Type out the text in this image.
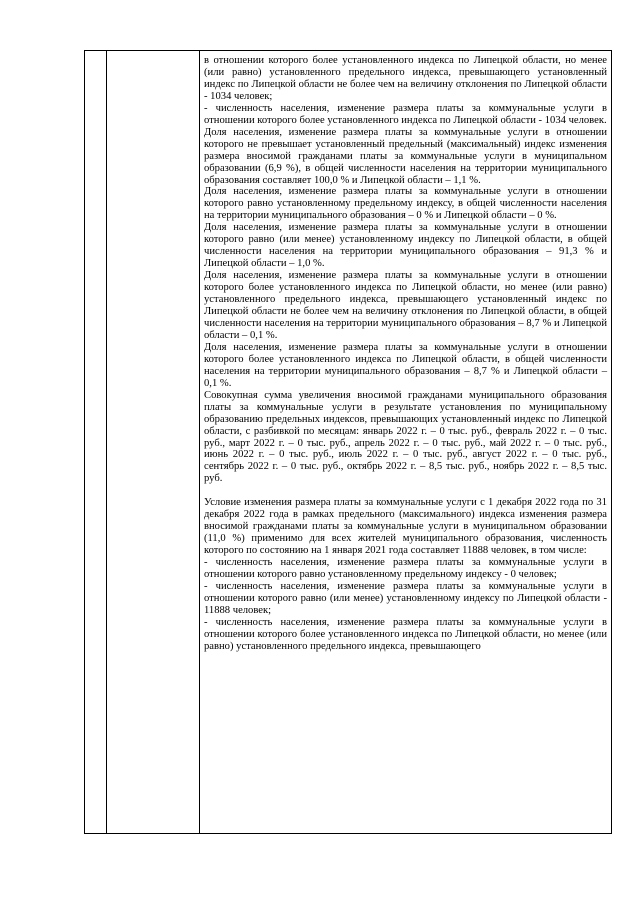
в отношении которого более установленного индекса по Липецкой области, но менее (или равно) установленного предельного индекса, превышающего установленный индекс по Липецкой области не более чем на величину отклонения по Липецкой области - 1034 человек;

- численность населения, изменение размера платы за коммунальные услуги в отношении которого более установленного индекса по Липецкой области - 1034 человек.

Доля населения, изменение размера платы за коммунальные услуги в отношении которого не превышает установленный предельный (максимальный) индекс изменения размера вносимой гражданами платы за коммунальные услуги в муниципальном образовании (6,9 %), в общей численности населения на территории муниципального образования составляет 100,0 % и Липецкой области – 1,1 %.

Доля населения, изменение размера платы за коммунальные услуги в отношении которого равно установленному предельному индексу, в общей численности населения на территории муниципального образования – 0 % и Липецкой области – 0 %.

Доля населения, изменение размера платы за коммунальные услуги в отношении которого равно (или менее) установленному индексу по Липецкой области, в общей численности населения на территории муниципального образования – 91,3 % и Липецкой области – 1,0 %.

Доля населения, изменение размера платы за коммунальные услуги в отношении которого более установленного индекса по Липецкой области, но менее (или равно) установленного предельного индекса, превышающего установленный индекс по Липецкой области не более чем на величину отклонения по Липецкой области, в общей численности населения на территории муниципального образования – 8,7 % и Липецкой области – 0,1 %.

Доля населения, изменение размера платы за коммунальные услуги в отношении которого более установленного индекса по Липецкой области, в общей численности населения на территории муниципального образования – 8,7 % и Липецкой области – 0,1 %.

Совокупная сумма увеличения вносимой гражданами муниципального образования платы за коммунальные услуги в результате установления по муниципальному образованию предельных индексов, превышающих установленный индекс по Липецкой области, с разбивкой по месяцам: январь 2022 г. – 0 тыс. руб., февраль 2022 г. – 0 тыс. руб., март 2022 г. – 0 тыс. руб., апрель 2022 г. – 0 тыс. руб., май 2022 г. – 0 тыс. руб., июнь 2022 г. – 0 тыс. руб., июль 2022 г. – 0 тыс. руб., август 2022 г. – 0 тыс. руб., сентябрь 2022 г. – 0 тыс. руб., октябрь 2022 г. – 8,5 тыс. руб., ноябрь 2022 г. – 8,5 тыс. руб.

Условие изменения размера платы за коммунальные услуги с 1 декабря 2022 года по 31 декабря 2022 года в рамках предельного (максимального) индекса изменения размера вносимой гражданами платы за коммунальные услуги в муниципальном образовании (11,0 %) применимо для всех жителей муниципального образования, численность которого по состоянию на 1 января 2021 года составляет 11888 человек, в том числе:

- численность населения, изменение размера платы за коммунальные услуги в отношении которого равно установленному предельному индексу - 0 человек;

- численность населения, изменение размера платы за коммунальные услуги в отношении которого равно (или менее) установленному индексу по Липецкой области - 11888 человек;

- численность населения, изменение размера платы за коммунальные услуги в отношении которого более установленного индекса по Липецкой области, но менее (или равно) установленного предельного индекса, превышающего
